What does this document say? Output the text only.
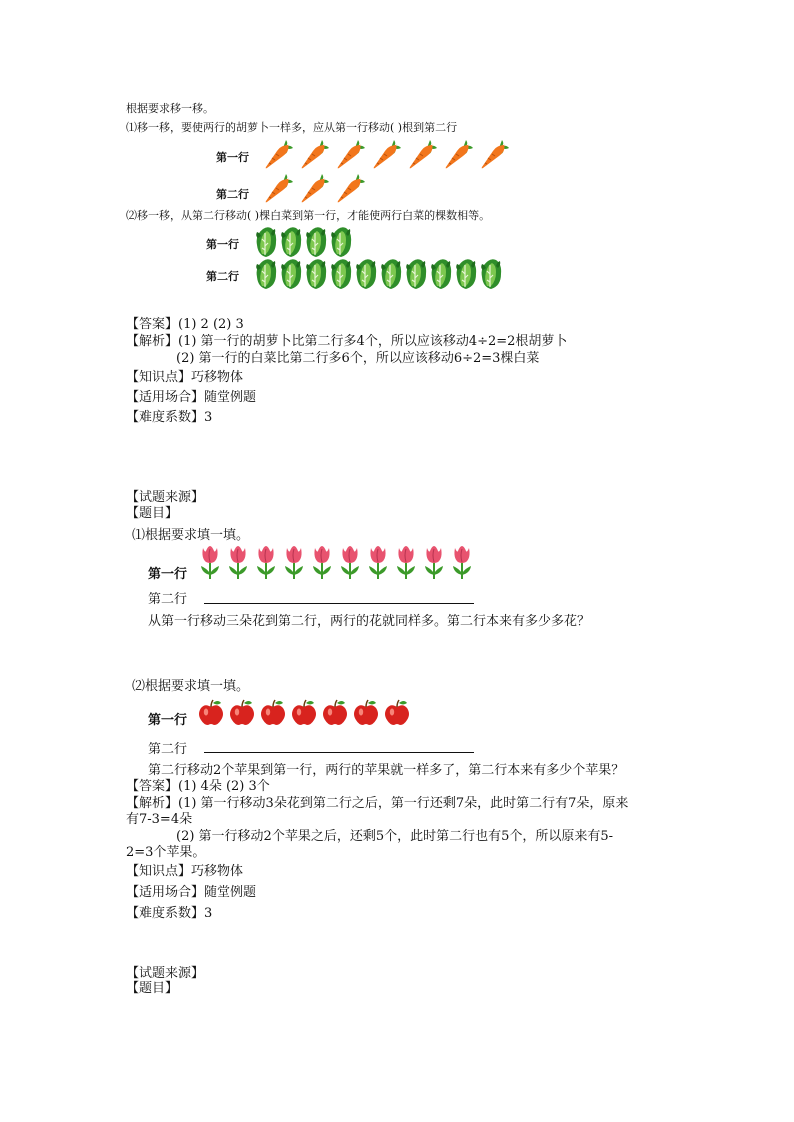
根据要求移一移。
⑴移一移，要使两行的胡萝卜一样多，应从第一行移动( )根到第二行
第一行
第二行
⑵移一移，从第二行移动( )棵白菜到第一行，才能使两行白菜的棵数相等。
第一行
第二行
【答案】(1) 2 (2) 3
【解析】(1) 第一行的胡萝卜比第二行多4个，所以应该移动4÷2=2根胡萝卜
(2) 第一行的白菜比第二行多6个，所以应该移动6÷2=3棵白菜
【知识点】巧移物体
【适用场合】随堂例题
【难度系数】3
【试题来源】
【题目】
⑴根据要求填一填。
第一行
第二行
从第一行移动三朵花到第二行，两行的花就同样多。第二行本来有多少多花？
⑵根据要求填一填。
第一行
第二行
第二行移动2个苹果到第一行，两行的苹果就一样多了，第二行本来有多少个苹果？
【答案】(1) 4朵 (2) 3个
【解析】(1) 第一行移动3朵花到第二行之后，第一行还剩7朵，此时第二行有7朵，原来
有7-3=4朵
(2) 第一行移动2个苹果之后，还剩5个，此时第二行也有5个，所以原来有5-
2=3个苹果。
【知识点】巧移物体
【适用场合】随堂例题
【难度系数】3
【试题来源】
【题目】
